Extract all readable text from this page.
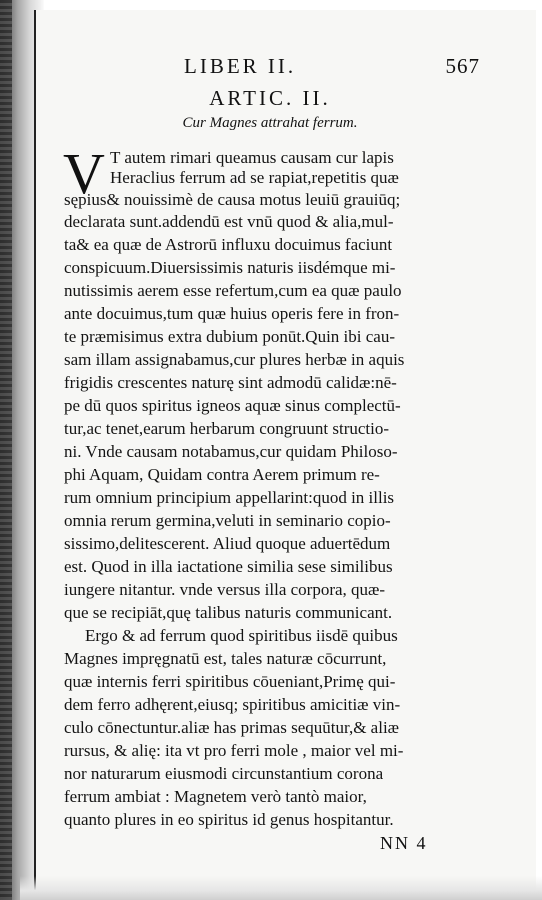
LIBER II.	567
ARTIC. II.
Cur Magnes attrahat ferrum.
V T autem rimari queamus causam cur lapis
Heraclius ferrum ad se rapiat,repetitis quæ
sępius& nouissimè de causa motus leuiū grauiūq;
declarata sunt.addendū est vnū quod & alia,mul-
ta& ea quæ de Astrorū influxu docuimus faciunt
conspicuum.Diuersissimis naturis iisdémque mi-
nutissimis aerem esse refertum,cum ea quæ paulo
ante docuimus,tum quæ huius operis fere in fron-
te præmisimus extra dubium ponūt.Quin ibi cau-
sam illam assignabamus,cur plures herbæ in aquis
frigidis crescentes naturę sint admodū calidæ:nē-
pe dū quos spiritus igneos aquæ sinus complectū-
tur,ac tenet,earum herbarum congruunt structio-
ni. Vnde causam notabamus,cur quidam Philoso-
phi Aquam, Quidam contra Aerem primum re-
rum omnium principium appellarint:quod in illis
omnia rerum germina,veluti in seminario copio-
sissimo,delitescerent. Aliud quoque aduertēdum
est. Quod in illa iactatione similia sese similibus
iungere nitantur. vnde versus illa corpora, quæ-
que se recipiāt,quę talibus naturis communicant.
Ergo & ad ferrum quod spiritibus iisdē quibus
Magnes impręgnatū est, tales naturæ cōcurrunt,
quæ internis ferri spiritibus cōueniant,Primę qui-
dem ferro adhęrent,eiusq; spiritibus amicitiæ vin-
culo cōnectuntur.aliæ has primas sequūtur,& aliæ
rursus, & alię: ita vt pro ferri mole , maior vel mi-
nor naturarum eiusmodi circunstantium corona
ferrum ambiat : Magnetem verò tantò maior,
quanto plures in eo spiritus id genus hospitantur.
NN 4
